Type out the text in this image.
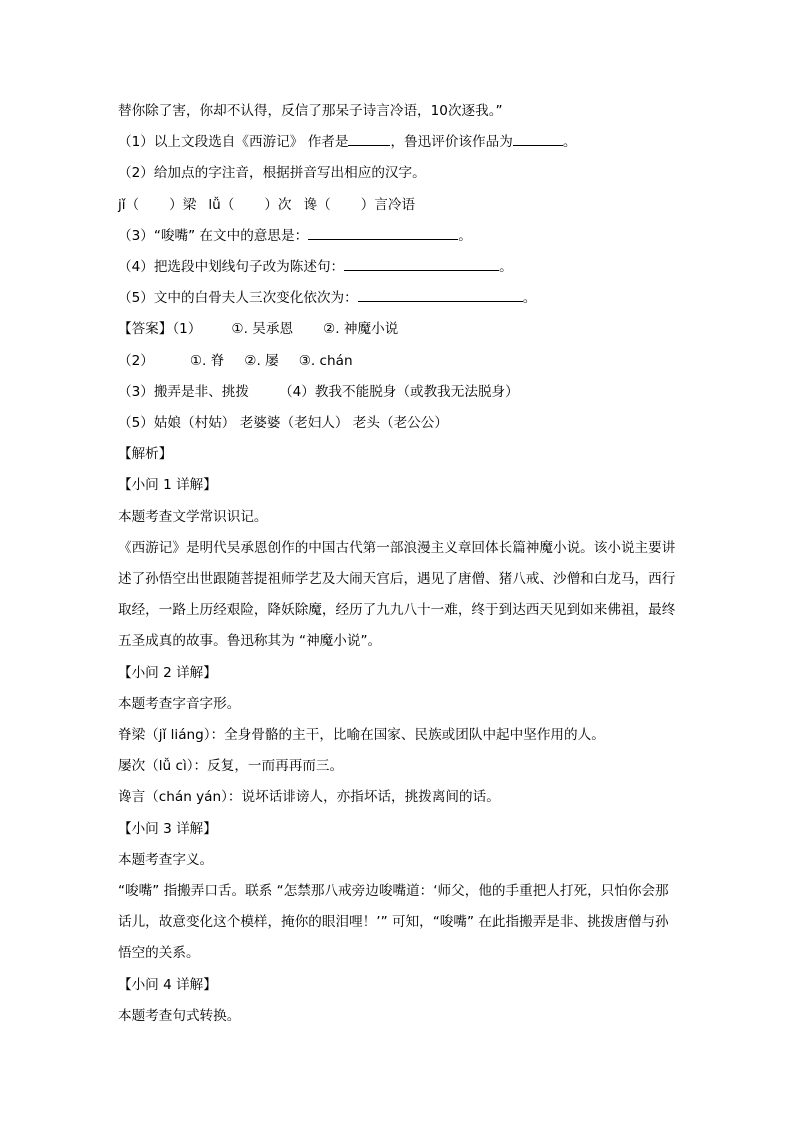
替你除了害，你却不认得，反信了那呆子诗言冷语，10次逐我。”
（1）以上文段选自《西游记》 作者是	，鲁迅评价该作品为	。
（2）给加点的字注音，根据拼音写出相应的汉字。
jǐ（ ）梁 lǚ（ ）次 谗（ ）言冷语
（3）“唆嘴” 在文中的意思是：	。
（4）把选段中划线句子改为陈述句：	。
（5）文中的白骨夫人三次变化依次为：	。
【答案】（1） ①. 吴承恩 ②. 神魔小说
（2）	①. 脊 ②. 屡 ③. chán
（3）搬弄是非、挑拨 （4）教我不能脱身（或教我无法脱身）
（5）姑娘（村姑） 老婆婆（老妇人） 老头（老公公）
【解析】
【小问 1 详解】
本题考查文学常识识记。
《西游记》是明代吴承恩创作的中国古代第一部浪漫主义章回体长篇神魔小说。该小说主要讲述了孙悟空出世跟随菩提祖师学艺及大闹天宫后，遇见了唐僧、猪八戒、沙僧和白龙马，西行取经，一路上历经艰险，降妖除魔，经历了九九八十一难，终于到达西天见到如来佛祖，最终五圣成真的故事。鲁迅称其为 “神魔小说”。
【小问 2 详解】
本题考查字音字形。
脊梁（jǐ liáng）：全身骨骼的主干，比喻在国家、民族或团队中起中坚作用的人。
屡次（lǚ cì）：反复，一而再再而三。
谗言（chán yán）：说坏话诽谤人，亦指坏话，挑拨离间的话。
【小问 3 详解】
本题考查字义。
“唆嘴” 指搬弄口舌。联系 “怎禁那八戒旁边唆嘴道：‘师父，他的手重把人打死，只怕你会那话儿，故意变化这个模样，掩你的眼泪哩！’” 可知，“唆嘴” 在此指搬弄是非、挑拨唐僧与孙悟空的关系。
【小问 4 详解】
本题考查句式转换。
